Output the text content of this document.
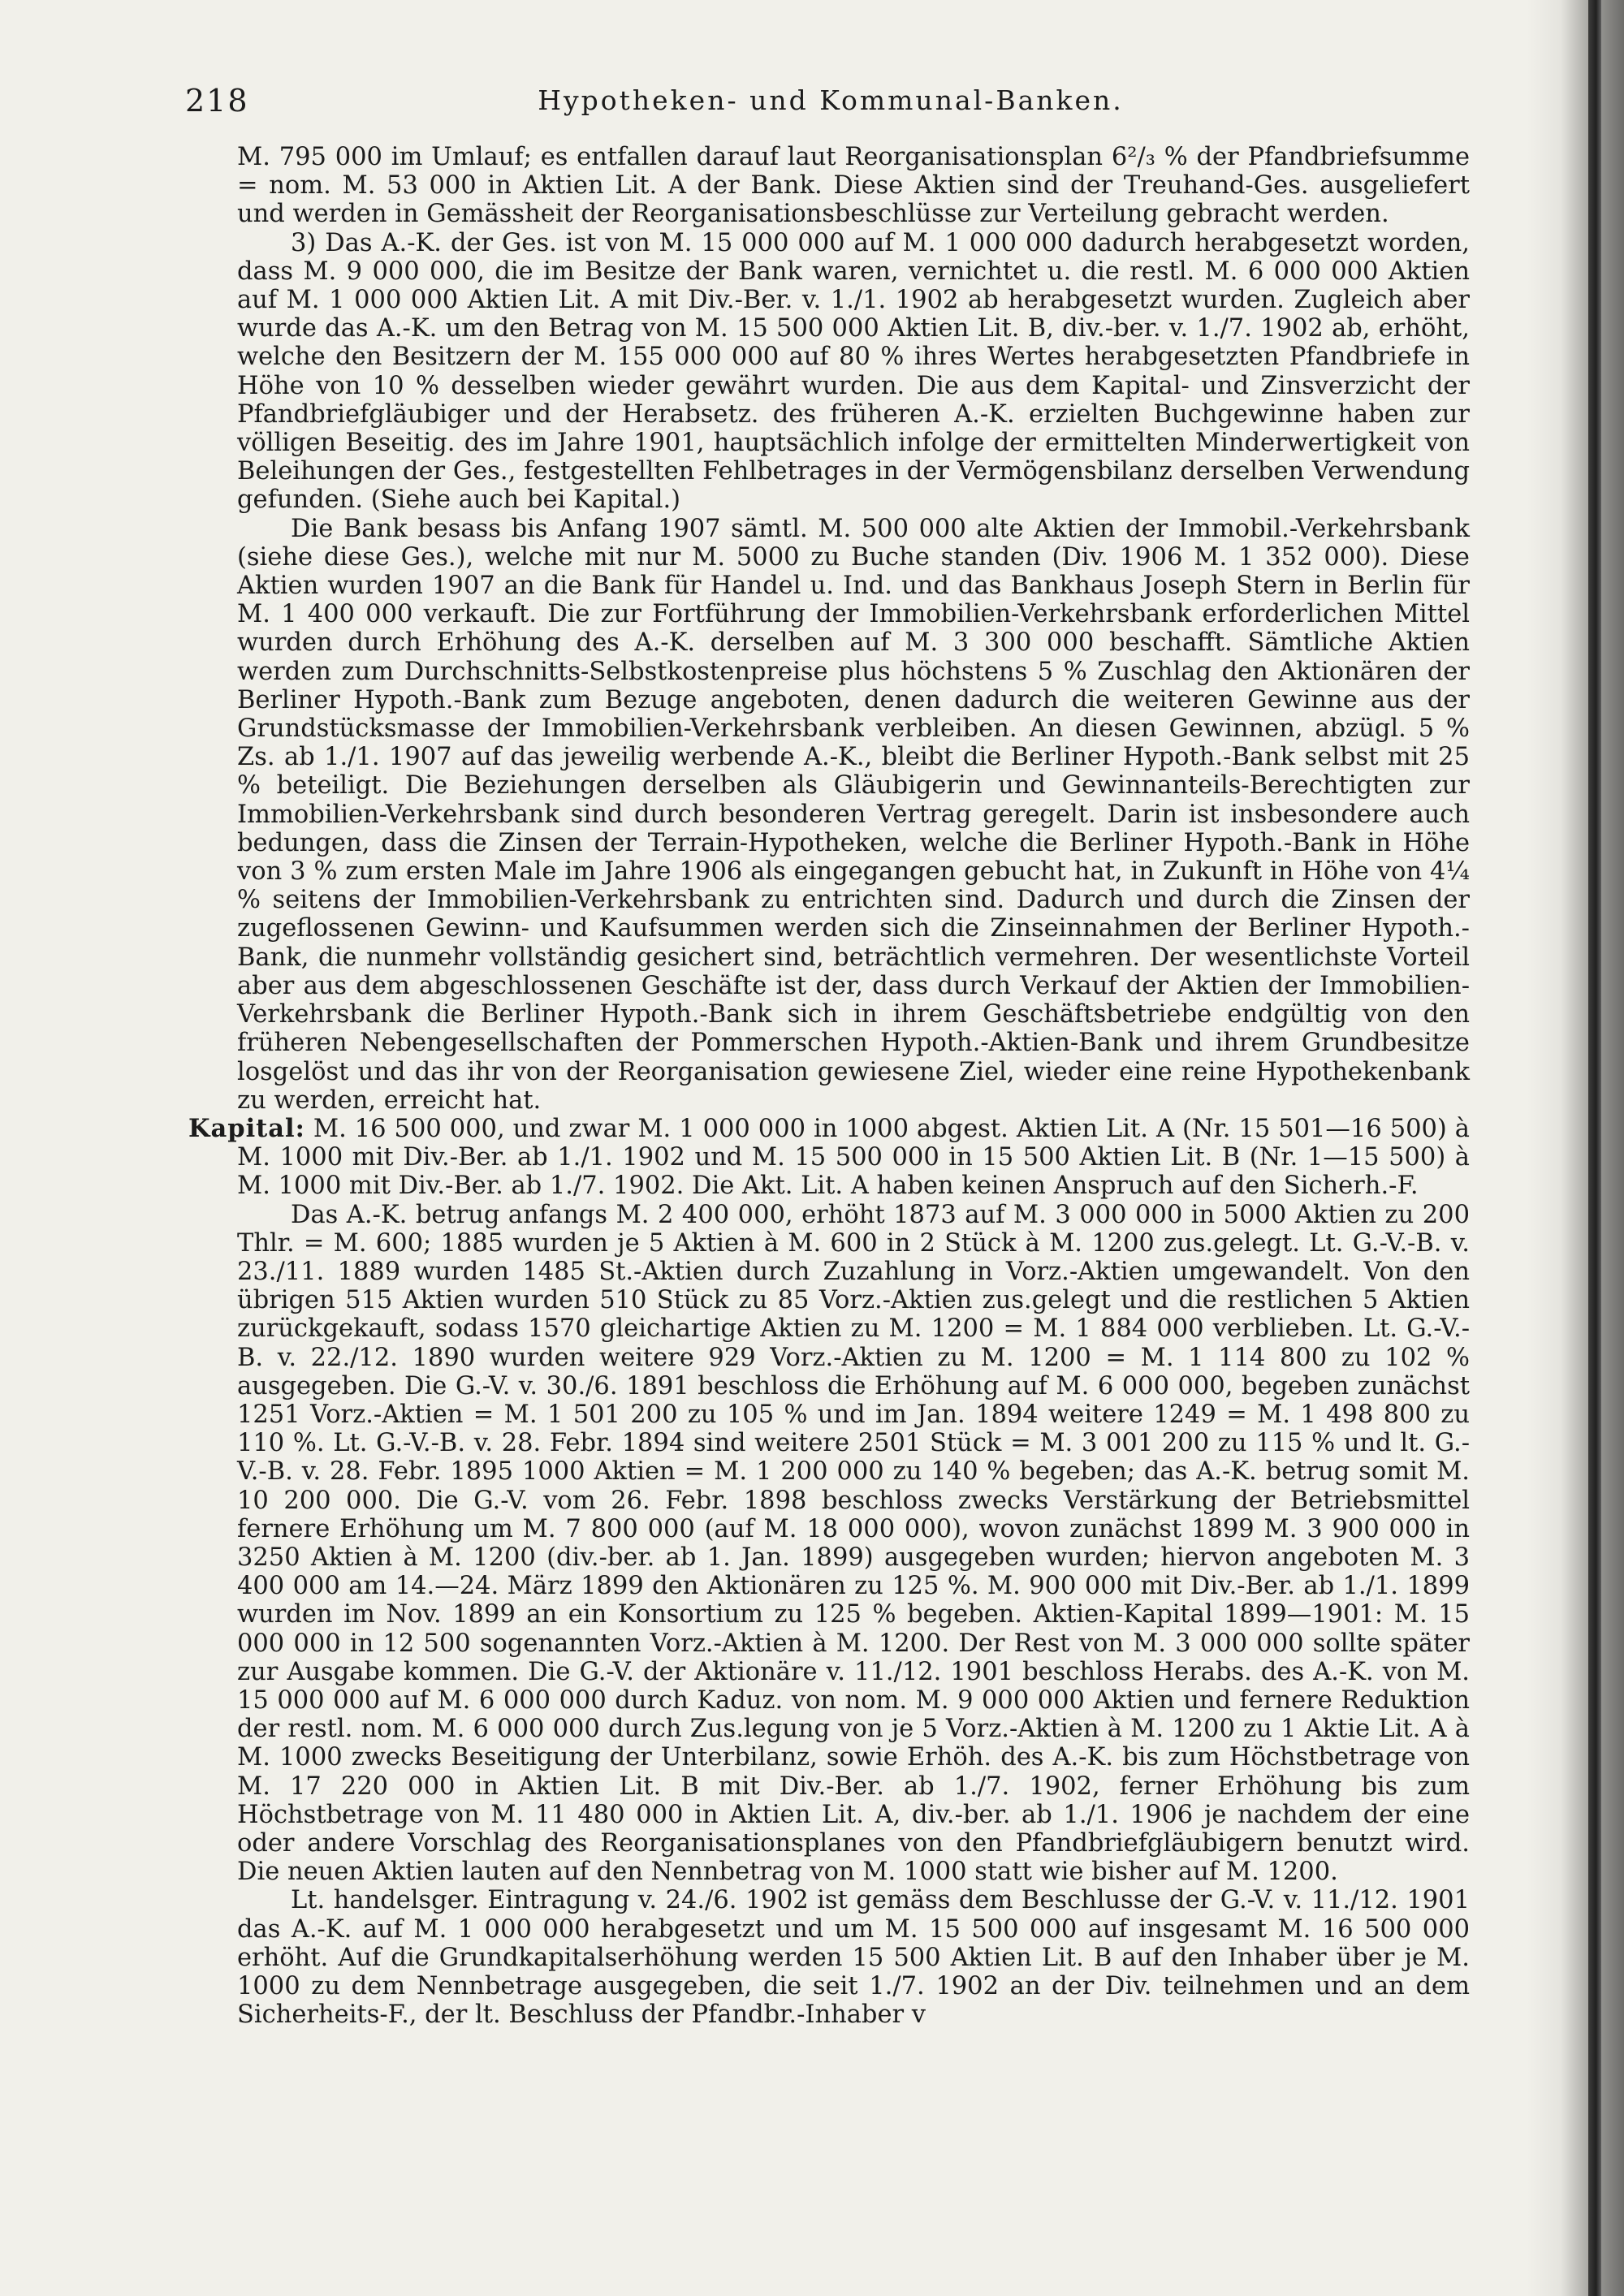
218	Hypotheken- und Kommunal-Banken.

M. 795 000 im Umlauf; es entfallen darauf laut Reorganisationsplan 6²/₃ % der Pfandbriefsumme = nom. M. 53 000 in Aktien Lit. A der Bank. Diese Aktien sind der Treuhand-Ges. ausgeliefert und werden in Gemässheit der Reorganisationsbeschlüsse zur Verteilung gebracht werden.

3) Das A.-K. der Ges. ist von M. 15 000 000 auf M. 1 000 000 dadurch herabgesetzt worden, dass M. 9 000 000, die im Besitze der Bank waren, vernichtet u. die restl. M. 6 000 000 Aktien auf M. 1 000 000 Aktien Lit. A mit Div.-Ber. v. 1./1. 1902 ab herabgesetzt wurden. Zugleich aber wurde das A.-K. um den Betrag von M. 15 500 000 Aktien Lit. B, div.-ber. v. 1./7. 1902 ab, erhöht, welche den Besitzern der M. 155 000 000 auf 80 % ihres Wertes herabgesetzten Pfandbriefe in Höhe von 10 % desselben wieder gewährt wurden. Die aus dem Kapital- und Zinsverzicht der Pfandbriefgläubiger und der Herabsetz. des früheren A.-K. erzielten Buchgewinne haben zur völligen Beseitig. des im Jahre 1901, hauptsächlich infolge der ermittelten Minderwertigkeit von Beleihungen der Ges., festgestellten Fehlbetrages in der Vermögensbilanz derselben Verwendung gefunden. (Siehe auch bei Kapital.)

Die Bank besass bis Anfang 1907 sämtl. M. 500 000 alte Aktien der Immobil.-Verkehrsbank (siehe diese Ges.), welche mit nur M. 5000 zu Buche standen (Div. 1906 M. 1 352 000). Diese Aktien wurden 1907 an die Bank für Handel u. Ind. und das Bankhaus Joseph Stern in Berlin für M. 1 400 000 verkauft. Die zur Fortführung der Immobilien-Verkehrsbank erforderlichen Mittel wurden durch Erhöhung des A.-K. derselben auf M. 3 300 000 beschafft. Sämtliche Aktien werden zum Durchschnitts-Selbstkostenpreise plus höchstens 5 % Zuschlag den Aktionären der Berliner Hypoth.-Bank zum Bezuge angeboten, denen dadurch die weiteren Gewinne aus der Grundstücksmasse der Immobilien-Verkehrsbank verbleiben. An diesen Gewinnen, abzügl. 5 % Zs. ab 1./1. 1907 auf das jeweilig werbende A.-K., bleibt die Berliner Hypoth.-Bank selbst mit 25 % beteiligt. Die Beziehungen derselben als Gläubigerin und Gewinnanteils-Berechtigten zur Immobilien-Verkehrsbank sind durch besonderen Vertrag geregelt. Darin ist insbesondere auch bedungen, dass die Zinsen der Terrain-Hypotheken, welche die Berliner Hypoth.-Bank in Höhe von 3 % zum ersten Male im Jahre 1906 als eingegangen gebucht hat, in Zukunft in Höhe von 4¼ % seitens der Immobilien-Verkehrsbank zu entrichten sind. Dadurch und durch die Zinsen der zugeflossenen Gewinn- und Kaufsummen werden sich die Zinseinnahmen der Berliner Hypoth.-Bank, die nunmehr vollständig gesichert sind, beträchtlich vermehren. Der wesentlichste Vorteil aber aus dem abgeschlossenen Geschäfte ist der, dass durch Verkauf der Aktien der Immobilien-Verkehrsbank die Berliner Hypoth.-Bank sich in ihrem Geschäftsbetriebe endgültig von den früheren Nebengesellschaften der Pommerschen Hypoth.-Aktien-Bank und ihrem Grundbesitze losgelöst und das ihr von der Reorganisation gewiesene Ziel, wieder eine reine Hypothekenbank zu werden, erreicht hat.

Kapital: M. 16 500 000, und zwar M. 1 000 000 in 1000 abgest. Aktien Lit. A (Nr. 15 501—16 500) à M. 1000 mit Div.-Ber. ab 1./1. 1902 und M. 15 500 000 in 15 500 Aktien Lit. B (Nr. 1—15 500) à M. 1000 mit Div.-Ber. ab 1./7. 1902. Die Akt. Lit. A haben keinen Anspruch auf den Sicherh.-F.

Das A.-K. betrug anfangs M. 2 400 000, erhöht 1873 auf M. 3 000 000 in 5000 Aktien zu 200 Thlr. = M. 600; 1885 wurden je 5 Aktien à M. 600 in 2 Stück à M. 1200 zus.gelegt. Lt. G.-V.-B. v. 23./11. 1889 wurden 1485 St.-Aktien durch Zuzahlung in Vorz.-Aktien umgewandelt. Von den übrigen 515 Aktien wurden 510 Stück zu 85 Vorz.-Aktien zus.gelegt und die restlichen 5 Aktien zurückgekauft, sodass 1570 gleichartige Aktien zu M. 1200 = M. 1 884 000 verblieben. Lt. G.-V.-B. v. 22./12. 1890 wurden weitere 929 Vorz.-Aktien zu M. 1200 = M. 1 114 800 zu 102 % ausgegeben. Die G.-V. v. 30./6. 1891 beschloss die Erhöhung auf M. 6 000 000, begeben zunächst 1251 Vorz.-Aktien = M. 1 501 200 zu 105 % und im Jan. 1894 weitere 1249 = M. 1 498 800 zu 110 %. Lt. G.-V.-B. v. 28. Febr. 1894 sind weitere 2501 Stück = M. 3 001 200 zu 115 % und lt. G.-V.-B. v. 28. Febr. 1895 1000 Aktien = M. 1 200 000 zu 140 % begeben; das A.-K. betrug somit M. 10 200 000. Die G.-V. vom 26. Febr. 1898 beschloss zwecks Verstärkung der Betriebsmittel fernere Erhöhung um M. 7 800 000 (auf M. 18 000 000), wovon zunächst 1899 M. 3 900 000 in 3250 Aktien à M. 1200 (div.-ber. ab 1. Jan. 1899) ausgegeben wurden; hiervon angeboten M. 3 400 000 am 14.—24. März 1899 den Aktionären zu 125 %. M. 900 000 mit Div.-Ber. ab 1./1. 1899 wurden im Nov. 1899 an ein Konsortium zu 125 % begeben. Aktien-Kapital 1899—1901: M. 15 000 000 in 12 500 sogenannten Vorz.-Aktien à M. 1200. Der Rest von M. 3 000 000 sollte später zur Ausgabe kommen. Die G.-V. der Aktionäre v. 11./12. 1901 beschloss Herabs. des A.-K. von M. 15 000 000 auf M. 6 000 000 durch Kaduz. von nom. M. 9 000 000 Aktien und fernere Reduktion der restl. nom. M. 6 000 000 durch Zus.legung von je 5 Vorz.-Aktien à M. 1200 zu 1 Aktie Lit. A à M. 1000 zwecks Beseitigung der Unterbilanz, sowie Erhöh. des A.-K. bis zum Höchstbetrage von M. 17 220 000 in Aktien Lit. B mit Div.-Ber. ab 1./7. 1902, ferner Erhöhung bis zum Höchstbetrage von M. 11 480 000 in Aktien Lit. A, div.-ber. ab 1./1. 1906 je nachdem der eine oder andere Vorschlag des Reorganisationsplanes von den Pfandbriefgläubigern benutzt wird. Die neuen Aktien lauten auf den Nennbetrag von M. 1000 statt wie bisher auf M. 1200.

Lt. handelsger. Eintragung v. 24./6. 1902 ist gemäss dem Beschlusse der G.-V. v. 11./12. 1901 das A.-K. auf M. 1 000 000 herabgesetzt und um M. 15 500 000 auf insgesamt M. 16 500 000 erhöht. Auf die Grundkapitalserhöhung werden 15 500 Aktien Lit. B auf den Inhaber über je M. 1000 zu dem Nennbetrage ausgegeben, die seit 1./7. 1902 an der Div. teilnehmen und an dem Sicherheits-F., der lt. Beschluss der Pfandbr.-Inhaber v
